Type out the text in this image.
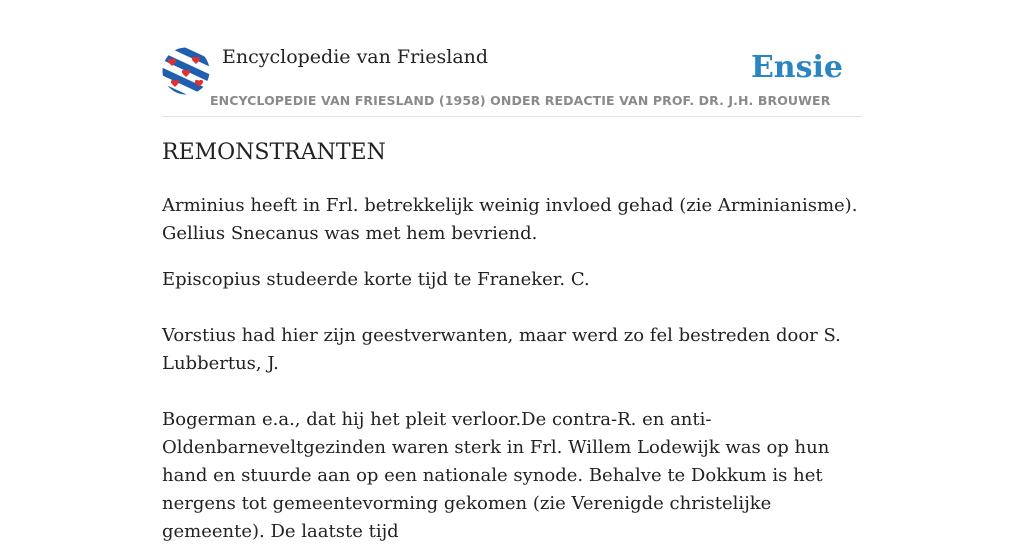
Encyclopedie van Friesland	Ensie
ENCYCLOPEDIE VAN FRIESLAND (1958) ONDER REDACTIE VAN PROF. DR. J.H. BROUWER
REMONSTRANTEN

Arminius heeft in Frl. betrekkelijk weinig invloed gehad (zie Arminianisme). Gellius Snecanus was met hem bevriend.

Episcopius studeerde korte tijd te Franeker. C.

Vorstius had hier zijn geestverwanten, maar werd zo fel bestreden door S. Lubbertus, J.

Bogerman e.a., dat hij het pleit verloor.De contra-R. en anti-Oldenbarneveltgezinden waren sterk in Frl. Willem Lodewijk was op hun hand en stuurde aan op een nationale synode. Behalve te Dokkum is het nergens tot gemeentevorming gekomen (zie Verenigde christelijke gemeente). De laatste tijd
